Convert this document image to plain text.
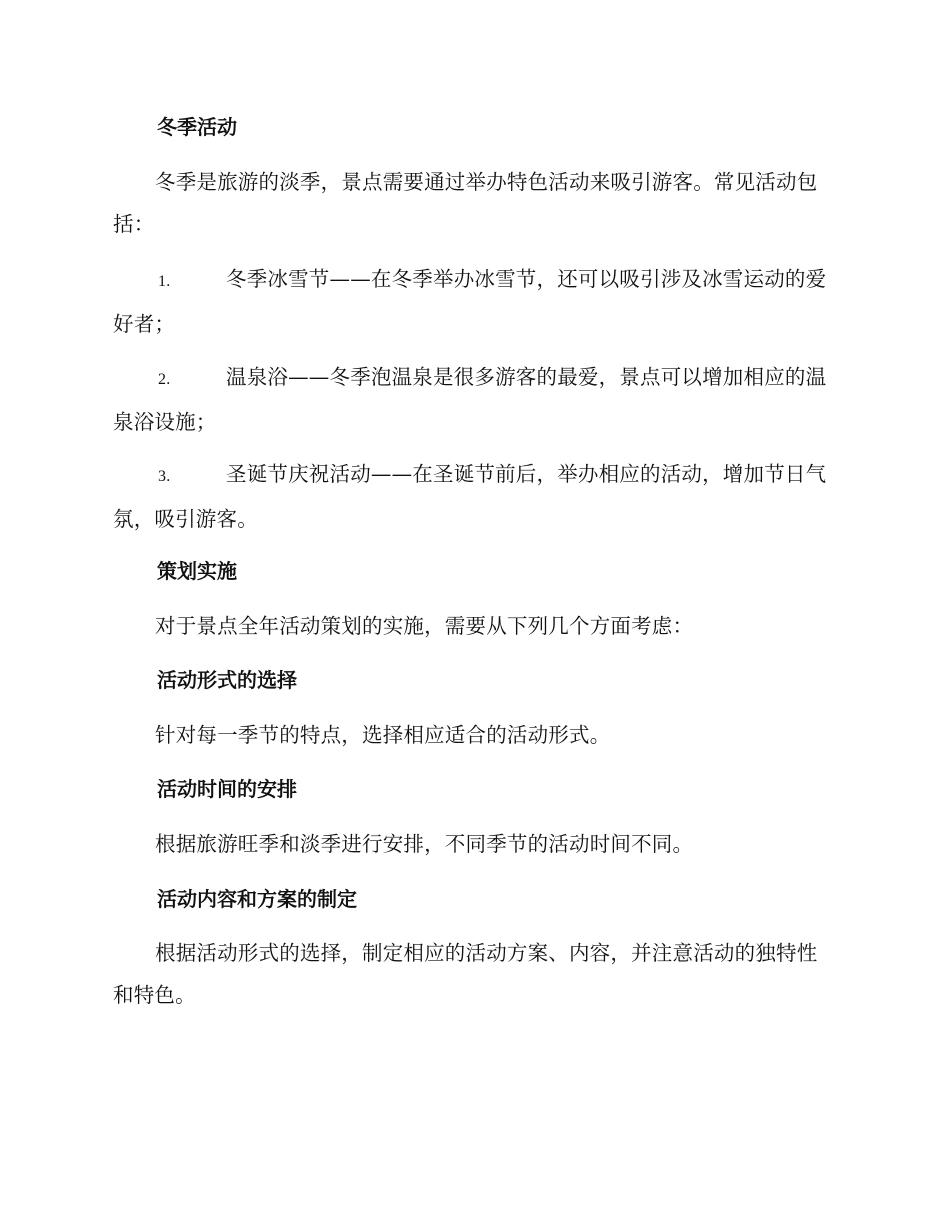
冬季活动

冬季是旅游的淡季，景点需要通过举办特色活动来吸引游客。常见活动包括：

1.	冬季冰雪节——在冬季举办冰雪节，还可以吸引涉及冰雪运动的爱好者；

2.	温泉浴——冬季泡温泉是很多游客的最爱，景点可以增加相应的温泉浴设施；

3.	圣诞节庆祝活动——在圣诞节前后，举办相应的活动，增加节日气氛，吸引游客。

策划实施

对于景点全年活动策划的实施，需要从下列几个方面考虑：

活动形式的选择

针对每一季节的特点，选择相应适合的活动形式。

活动时间的安排

根据旅游旺季和淡季进行安排，不同季节的活动时间不同。

活动内容和方案的制定

根据活动形式的选择，制定相应的活动方案、内容，并注意活动的独特性和特色。
